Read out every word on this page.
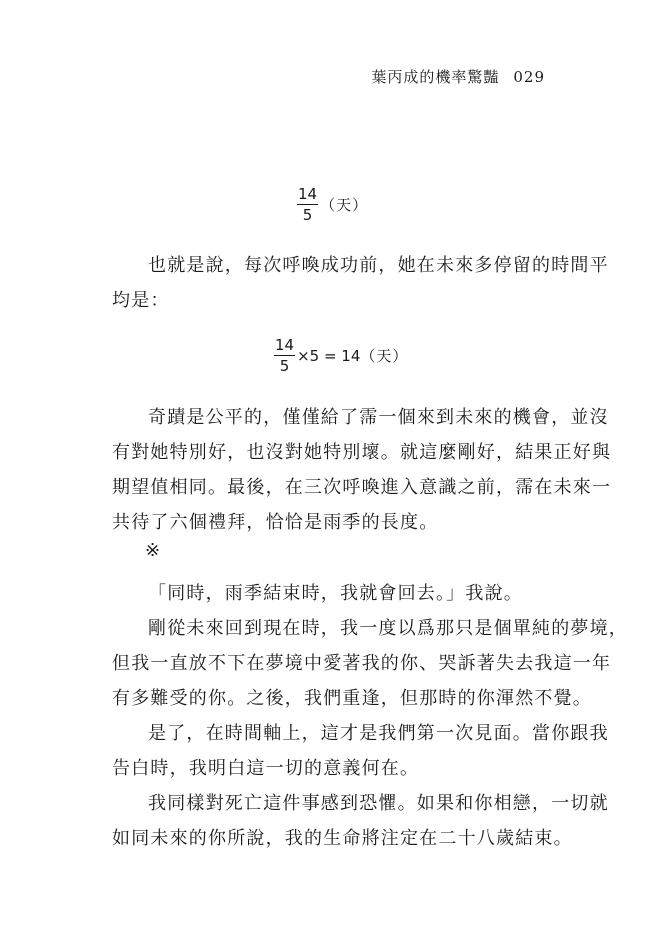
葉丙成的機率驚豔 029
$\frac{14}{5}$ （天）
也就是說，每次呼喚成功前，她在未來多停留的時間平
均是：
$\frac{14}{5} \times 5 = 14$ （天）
奇蹟是公平的，僅僅給了霈一個來到未來的機會，並沒
有對她特別好，也沒對她特別壞。就這麼剛好，結果正好與
期望值相同。最後，在三次呼喚進入意識之前，霈在未來一
共待了六個禮拜，恰恰是雨季的長度。
※
「同時，雨季結束時，我就會回去。」我說。
剛從未來回到現在時，我一度以爲那只是個單純的夢境，
但我一直放不下在夢境中愛著我的你、哭訴著失去我這一年
有多難受的你。之後，我們重逢，但那時的你渾然不覺。
是了，在時間軸上，這才是我們第一次見面。當你跟我
告白時，我明白這一切的意義何在。
我同樣對死亡這件事感到恐懼。如果和你相戀，一切就
如同未來的你所說，我的生命將注定在二十八歲結束。
